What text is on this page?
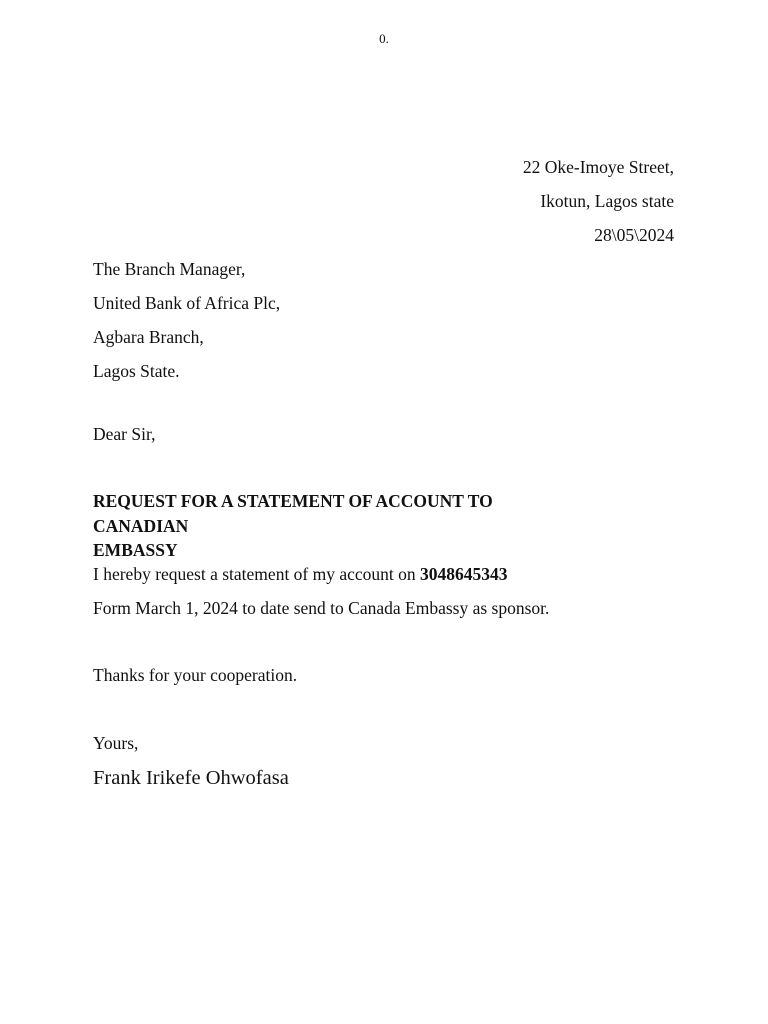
0.
22 Oke-Imoye Street,
Ikotun, Lagos state
28\05\2024
The Branch Manager,
United Bank of Africa Plc,
Agbara Branch,
Lagos State.
Dear Sir,
REQUEST FOR A STATEMENT OF ACCOUNT TO
CANADIAN
EMBASSY
I hereby request a statement of my account on 3048645343
Form March 1, 2024 to date send to Canada Embassy as sponsor.
Thanks for your cooperation.
Yours,
Frank Irikefe Ohwofasa
